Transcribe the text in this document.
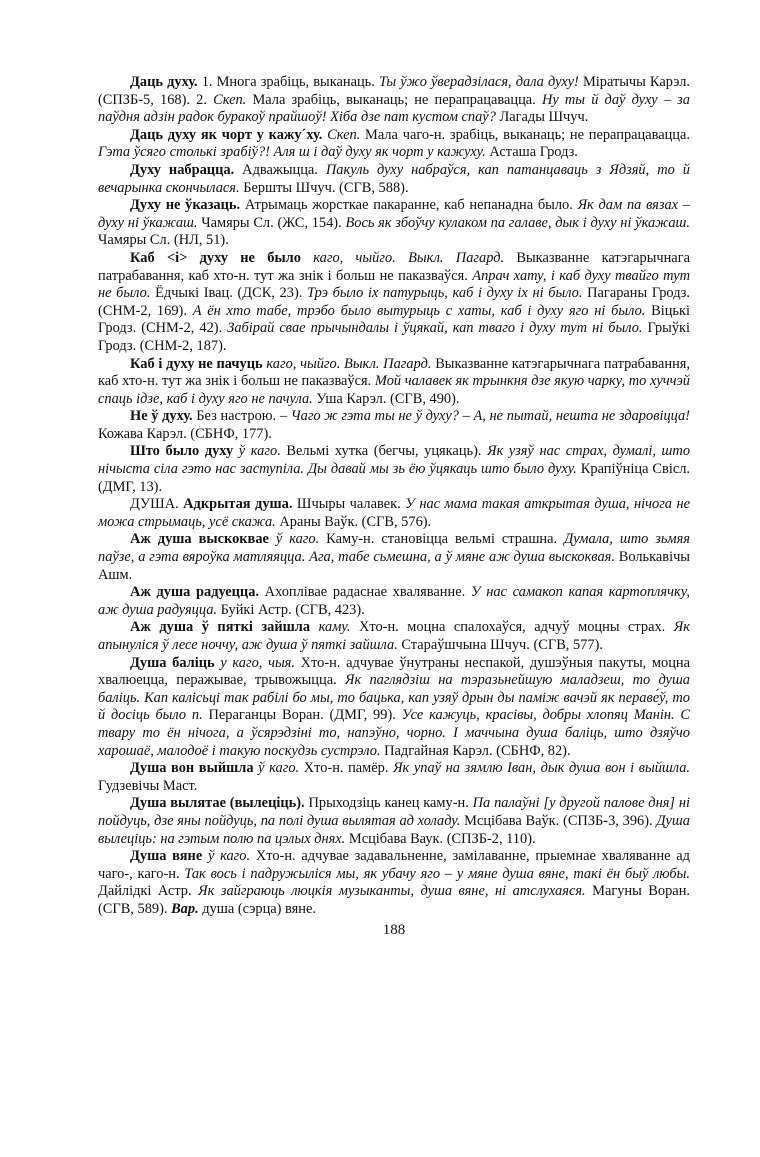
Даць духу. 1. Многа зрабіць, выканаць. Ты ўжо ўверадзілася, дала духу! Міратычы Карэл. (СПЗБ-5, 168). 2. Скеп. Мала зрабіць, выканаць; не перапрацавацца. Ну ты й даў духу – за паўдня адзін радок буракоў прайшоў! Хіба дзе пат кустом спаў? Лагады Шчуч.

Даць духу як чорт у кажу´ху. Скеп. Мала чаго-н. зрабіць, выканаць; не перапрацавацца. Гэта ўсяго столькі зрабіў?! Аля ш і даў духу як чорт у кажуху. Асташа Гродз.

Духу набрацца. Адважыцца. Пакуль духу набраўся, кап патанцаваць з Ядзяй, то й вечарынка скончылася. Бершты Шчуч. (СГВ, 588).

Духу не ўказаць. Атрымаць жорсткае пакаранне, каб непанадна было. Як дам па вязах – духу ні ўкажаш. Чамяры Сл. (ЖС, 154). Вось як збоўчу кулаком па галаве, дык і духу ні ўкажаш. Чамяры Сл. (НЛ, 51).

Каб <i> духу не было каго, чыйго. Выкл. Пагард. Выказванне катэгарычнага патрабавання, каб хто-н. тут жа знік і больш не паказваўся. Апрач хату, і каб духу твайго тут не было. Ёдчыкі Івац. (ДСК, 23). Трэ было іх патурыць, каб і духу іх ні было. Пагараны Гродз. (СНМ-2, 169). А ён хто табе, трэбо было вытурыць с хаты, каб і духу яго ні было. Віцькі Гродз. (СНМ-2, 42). Забірай свае прычындалы і ўцякай, кап тваго і духу тут ні было. Грыўкі Гродз. (СНМ-2, 187).

Каб і духу не пачуць каго, чыйго. Выкл. Пагард. Выказванне катэгарычнага патрабавання, каб хто-н. тут жа знік і больш не паказваўся. Мой чалавек як трынкня дзе якую чарку, то хуччэй спаць ідзе, каб і духу яго не пачула. Уша Карэл. (СГВ, 490).

Не ў духу. Без настрою. – Чаго ж гэта ты не ў духу? – А, не пытай, нешта не здаровіцца! Кожава Карэл. (СБНФ, 177).

Што было духу ў каго. Вельмі хутка (бегчы, уцякаць). Як узяў нас страх, думалі, што нічыста сіла гэто нас заступіла. Ды давай мы зь ёю ўцякаць што было духу. Крапіўніца Свісл. (ДМГ, 13).

ДУША. Адкрытая душа. Шчыры чалавек. У нас мама такая аткрытая душа, нічога не можа стрымаць, усё скажа. Араны Ваўк. (СГВ, 576).

Аж душа выскоквае ў каго. Каму-н. становіцца вельмі страшна. Думала, што зьмяя паўзе, а гэта вяроўка матляяцца. Ага, табе сьмешна, а ў мяне аж душа выскоквая. Волькавічы Ашм.

Аж душа радуецца. Ахоплівае радаснае хваляванне. У нас самакоп капая картоплячку, аж душа радуяцца. Буйкі Астр. (СГВ, 423).

Аж душа ў пяткі зайшла каму. Хто-н. моцна спалохаўся, адчуў моцны страх. Як апынуліся ў лесе ноччу, аж душа ў пяткі зайшла. Стараўшчына Шчуч. (СГВ, 577).

Душа баліць у каго, чыя. Хто-н. адчувае ўнутраны неспакой, душэўныя пакуты, моцна хвалюецца, перажывае, трывожыцца. Як паглядзіш на тэразьнейшую маладзеш, то душа баліць. Кап калісьці так рабілі бо мы, то бацька, кап узяў дрын ды паміж вачэй як пераве́ў, то й досіць было п. Пераганцы Воран. (ДМГ, 99). Усе кажуць, красівы, добры хлопяц Манін. С твару то ён нічога, а ўсярэдзіні то, напэўно, чорно. І маччына душа баліць, што дзяўчо харошаё, малодоё і такую поскудзь сустрэло. Падгайная Карэл. (СБНФ, 82).

Душа вон выйшла ў каго. Хто-н. памёр. Як упаў на зямлю Іван, дык душа вон і выйшла. Гудзевічы Маст.

Душа вылятае (вылецiць). Прыходзіць канец каму-н. Па палаўні [у другой палове дня] ні пойдуць, дзе яны пойдуць, па полі душа вылятая ад холаду. Мсцібава Ваўк. (СПЗБ-3, 396). Душа вылецiць: на гэтым полю па цэлых днях. Мсцібава Ваук. (СПЗБ-2, 110).

Душа вяне ў каго. Хто-н. адчувае задавальненне, замілаванне, прыемнае хваляванне ад чаго-, каго-н. Так вось і падружыліся мы, як убачу яго – у мяне душа вяне, такі ён быў любы. Дайлідкі Астр. Як зайграюць люцкія музыканты, душа вяне, ні атслухаяся. Магуны Воран. (СГВ, 589). Вар. душа (сэрца) вяне.

188
